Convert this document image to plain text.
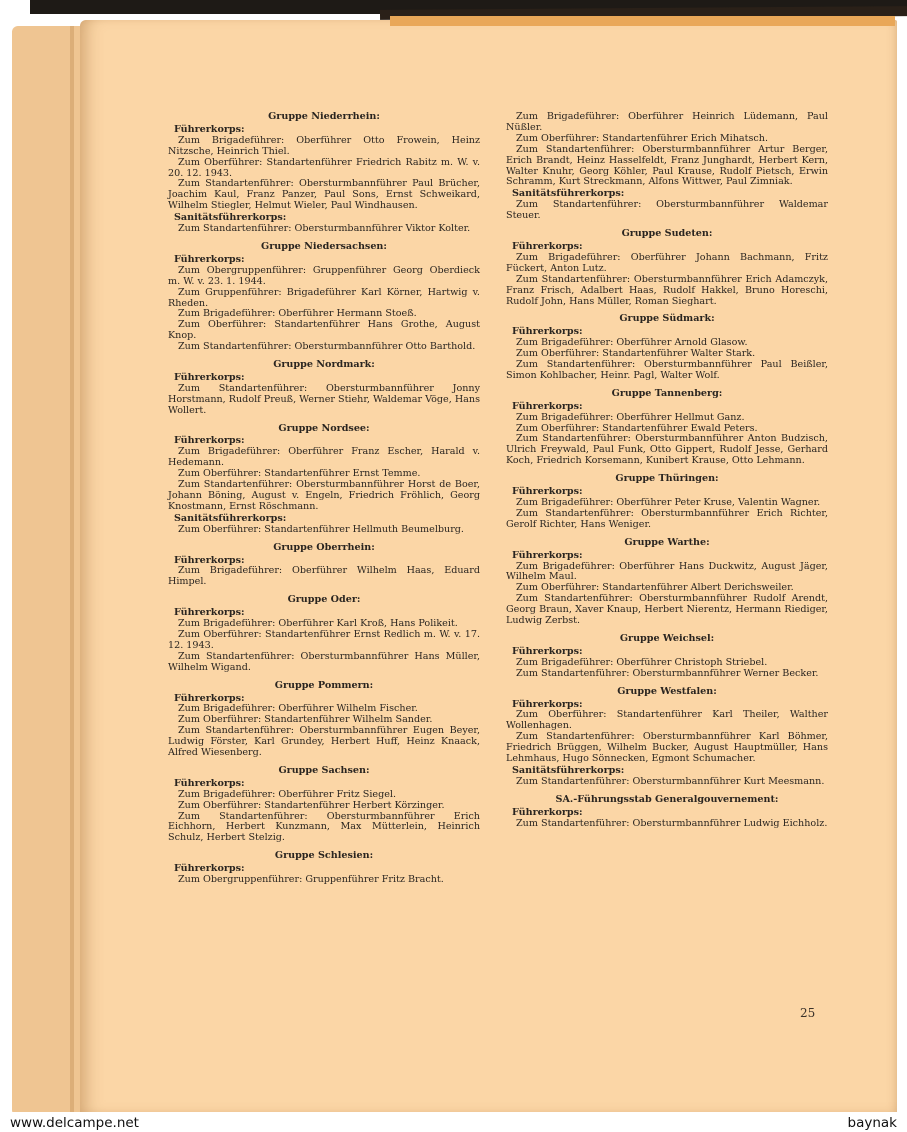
Gruppe Niederrhein:
Führerkorps:
Zum Brigadeführer: Oberführer Otto Frowein, Heinz Nitzsche, Heinrich Thiel.
Zum Oberführer: Standartenführer Friedrich Rabitz m. W. v. 20. 12. 1943.
Zum Standartenführer: Obersturmbannführer Paul Brücher, Joachim Kaul, Franz Panzer, Paul Sons, Ernst Schweikard, Wilhelm Stiegler, Helmut Wieler, Paul Windhausen.
Sanitätsführerkorps:
Zum Standartenführer: Obersturmbannführer Viktor Kolter.
Gruppe Niedersachsen:
Führerkorps:
Zum Obergruppenführer: Gruppenführer Georg Oberdieck m. W. v. 23. 1. 1944.
Zum Gruppenführer: Brigadeführer Karl Körner, Hartwig v. Rheden.
Zum Brigadeführer: Oberführer Hermann Stoeß.
Zum Oberführer: Standartenführer Hans Grothe, August Knop.
Zum Standartenführer: Obersturmbannführer Otto Barthold.
Gruppe Nordmark:
Führerkorps:
Zum Standartenführer: Obersturmbannführer Jonny Horstmann, Rudolf Preuß, Werner Stiehr, Waldemar Vöge, Hans Wollert.
Gruppe Nordsee:
Führerkorps:
Zum Brigadeführer: Oberführer Franz Escher, Harald v. Hedemann.
Zum Oberführer: Standartenführer Ernst Temme.
Zum Standartenführer: Obersturmbannführer Horst de Boer, Johann Böning, August v. Engeln, Friedrich Fröhlich, Georg Knostmann, Ernst Röschmann.
Sanitätsführerkorps:
Zum Oberführer: Standartenführer Hellmuth Beumelburg.
Gruppe Oberrhein:
Führerkorps:
Zum Brigadeführer: Oberführer Wilhelm Haas, Eduard Himpel.
Gruppe Oder:
Führerkorps:
Zum Brigadeführer: Oberführer Karl Kroß, Hans Polikeit.
Zum Oberführer: Standartenführer Ernst Redlich m. W. v. 17. 12. 1943.
Zum Standartenführer: Obersturmbannführer Hans Müller, Wilhelm Wigand.
Gruppe Pommern:
Führerkorps:
Zum Brigadeführer: Oberführer Wilhelm Fischer.
Zum Oberführer: Standartenführer Wilhelm Sander.
Zum Standartenführer: Obersturmbannführer Eugen Beyer, Ludwig Förster, Karl Grundey, Herbert Huff, Heinz Knaack, Alfred Wiesenberg.
Gruppe Sachsen:
Führerkorps:
Zum Brigadeführer: Oberführer Fritz Siegel.
Zum Oberführer: Standartenführer Herbert Körzinger.
Zum Standartenführer: Obersturmbannführer Erich Eichhorn, Herbert Kunzmann, Max Mütterlein, Heinrich Schulz, Herbert Stelzig.
Gruppe Schlesien:
Führerkorps:
Zum Obergruppenführer: Gruppenführer Fritz Bracht.
Zum Brigadeführer: Oberführer Heinrich Lüdemann, Paul Nüßler.
Zum Oberführer: Standartenführer Erich Mihatsch.
Zum Standartenführer: Obersturmbannführer Artur Berger, Erich Brandt, Heinz Hasselfeldt, Franz Junghardt, Herbert Kern, Walter Knuhr, Georg Köhler, Paul Krause, Rudolf Pietsch, Erwin Schramm, Kurt Streckmann, Alfons Wittwer, Paul Zimniak.
Sanitätsführerkorps:
Zum Standartenführer: Obersturmbannführer Waldemar Steuer.
Gruppe Sudeten:
Führerkorps:
Zum Brigadeführer: Oberführer Johann Bachmann, Fritz Fückert, Anton Lutz.
Zum Standartenführer: Obersturmbannführer Erich Adamczyk, Franz Frisch, Adalbert Haas, Rudolf Hakkel, Bruno Horeschi, Rudolf John, Hans Müller, Roman Sieghart.
Gruppe Südmark:
Führerkorps:
Zum Brigadeführer: Oberführer Arnold Glasow.
Zum Oberführer: Standartenführer Walter Stark.
Zum Standartenführer: Obersturmbannführer Paul Beißler, Simon Kohlbacher, Heinr. Pagl, Walter Wolf.
Gruppe Tannenberg:
Führerkorps:
Zum Brigadeführer: Oberführer Hellmut Ganz.
Zum Oberführer: Standartenführer Ewald Peters.
Zum Standartenführer: Obersturmbannführer Anton Budzisch, Ulrich Freywald, Paul Funk, Otto Gippert, Rudolf Jesse, Gerhard Koch, Friedrich Korsemann, Kunibert Krause, Otto Lehmann.
Gruppe Thüringen:
Führerkorps:
Zum Brigadeführer: Oberführer Peter Kruse, Valentin Wagner.
Zum Standartenführer: Obersturmbannführer Erich Richter, Gerolf Richter, Hans Weniger.
Gruppe Warthe:
Führerkorps:
Zum Brigadeführer: Oberführer Hans Duckwitz, August Jäger, Wilhelm Maul.
Zum Oberführer: Standartenführer Albert Derichsweiler.
Zum Standartenführer: Obersturmbannführer Rudolf Arendt, Georg Braun, Xaver Knaup, Herbert Nierentz, Hermann Riediger, Ludwig Zerbst.
Gruppe Weichsel:
Führerkorps:
Zum Brigadeführer: Oberführer Christoph Striebel.
Zum Standartenführer: Obersturmbannführer Werner Becker.
Gruppe Westfalen:
Führerkorps:
Zum Oberführer: Standartenführer Karl Theiler, Walther Wollenhagen.
Zum Standartenführer: Obersturmbannführer Karl Böhmer, Friedrich Brüggen, Wilhelm Bucker, August Hauptmüller, Hans Lehmhaus, Hugo Sönnecken, Egmont Schumacher.
Sanitätsführerkorps:
Zum Standartenführer: Obersturmbannführer Kurt Meesmann.
SA.-Führungsstab Generalgouvernement:
Führerkorps:
Zum Standartenführer: Obersturmbannführer Ludwig Eichholz.
25
www.delcampe.net	baynak
